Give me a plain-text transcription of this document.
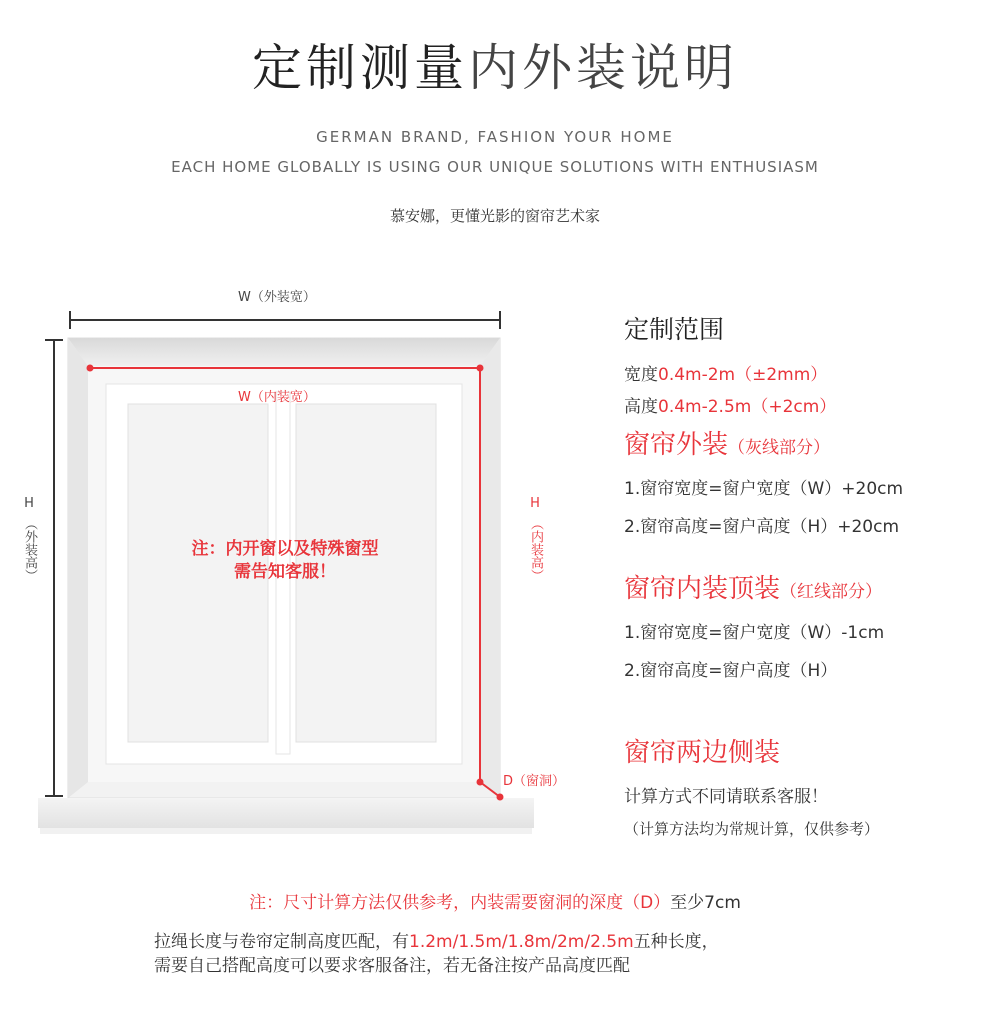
定制测量内外装说明
GERMAN BRAND, FASHION YOUR HOME
EACH HOME GLOBALLY IS USING OUR UNIQUE SOLUTIONS WITH ENTHUSIASM
慕安娜，更懂光影的窗帘艺术家
W（外装宽）
W（内装宽）
H
（外装高）
H
（内装高）
D（窗洞）
注：内开窗以及特殊窗型
需告知客服！
定制范围
宽度0.4m-2m（±2mm）
高度0.4m-2.5m（+2cm）
窗帘外装（灰线部分）
1.窗帘宽度=窗户宽度（W）+20cm
2.窗帘高度=窗户高度（H）+20cm
窗帘内装顶装（红线部分）
1.窗帘宽度=窗户宽度（W）-1cm
2.窗帘高度=窗户高度（H）
窗帘两边侧装
计算方式不同请联系客服！
（计算方法均为常规计算，仅供参考）
注：尺寸计算方法仅供参考，内装需要窗洞的深度（D）至少7cm
拉绳长度与卷帘定制高度匹配，有1.2m/1.5m/1.8m/2m/2.5m五种长度，
需要自己搭配高度可以要求客服备注，若无备注按产品高度匹配
